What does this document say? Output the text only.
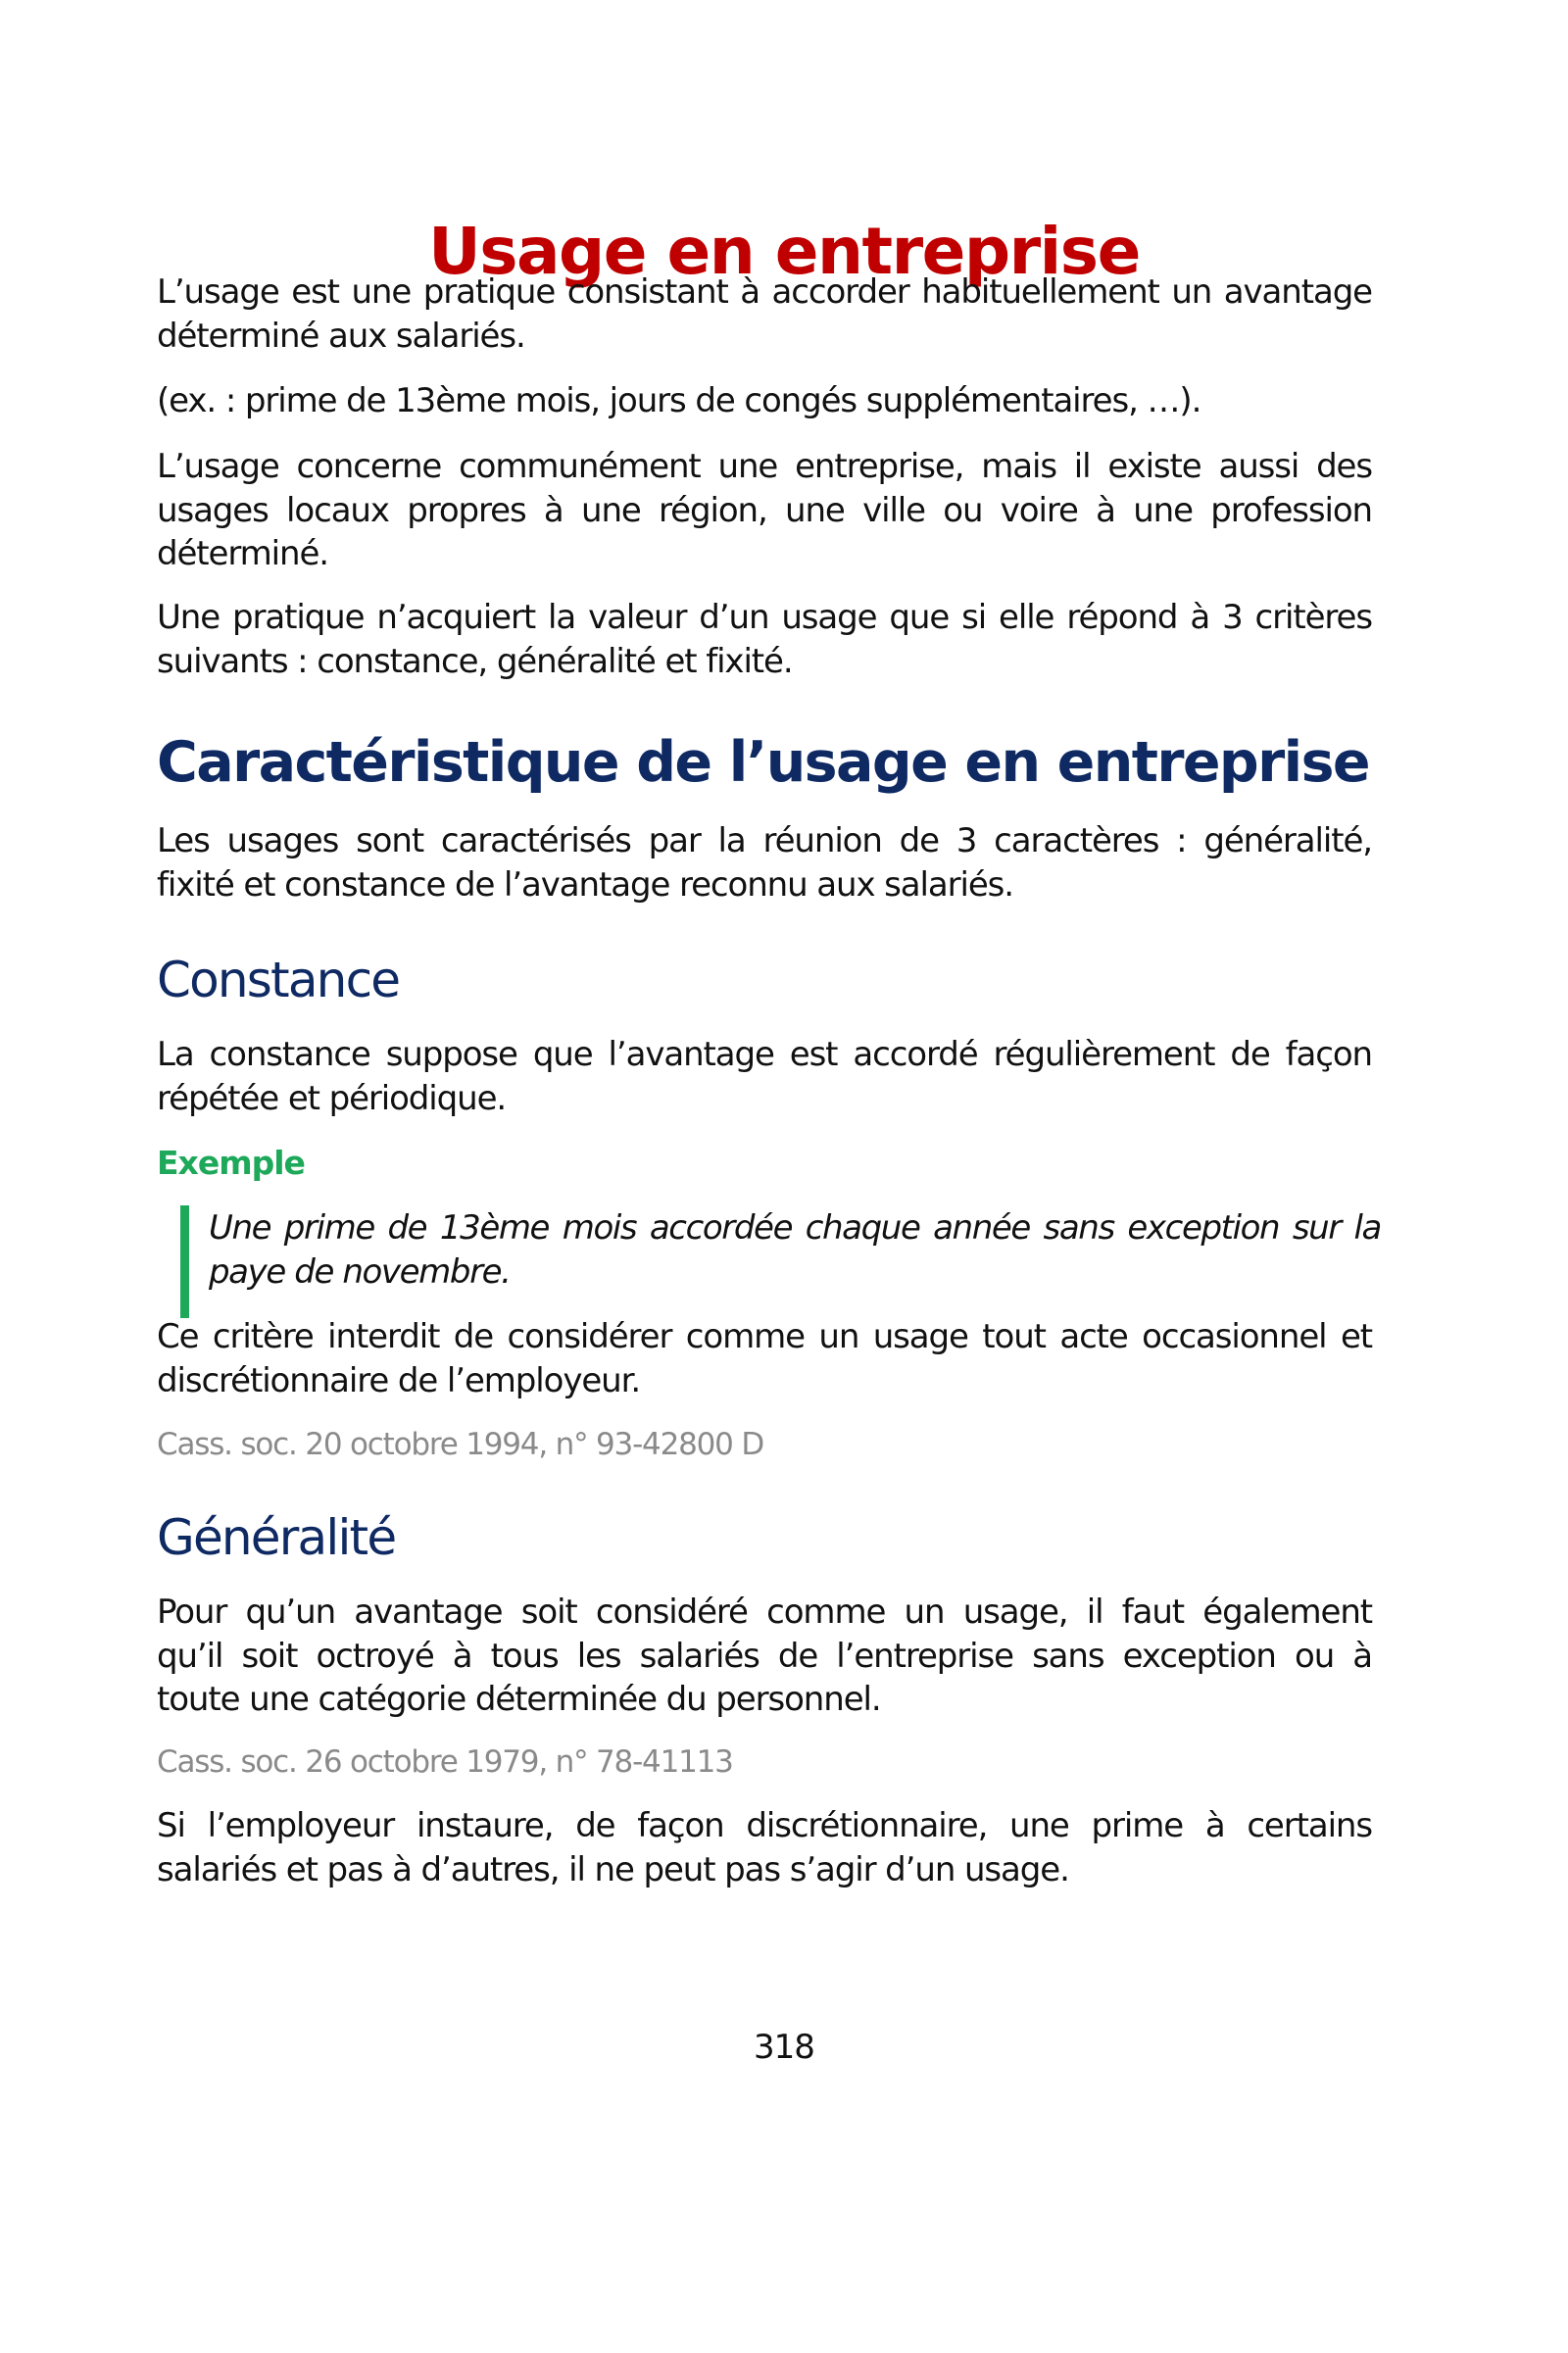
Usage en entreprise
L’usage est une pratique consistant à accorder habituellement un avantage
déterminé aux salariés.
(ex. : prime de 13ème mois, jours de congés supplémentaires, …).
L’usage concerne communément une entreprise, mais il existe aussi des
usages locaux propres à une région, une ville ou voire à une profession
déterminé.
Une pratique n’acquiert la valeur d’un usage que si elle répond à 3 critères
suivants : constance, généralité et fixité.
Caractéristique de l’usage en entreprise
Les usages sont caractérisés par la réunion de 3 caractères : généralité,
fixité et constance de l’avantage reconnu aux salariés.
Constance
La constance suppose que l’avantage est accordé régulièrement de façon
répétée et périodique.
Exemple
Une prime de 13ème mois accordée chaque année sans exception sur la
paye de novembre.
Ce critère interdit de considérer comme un usage tout acte occasionnel et
discrétionnaire de l’employeur.
Cass. soc. 20 octobre 1994, n° 93-42800 D
Généralité
Pour qu’un avantage soit considéré comme un usage, il faut également
qu’il soit octroyé à tous les salariés de l’entreprise sans exception ou à
toute une catégorie déterminée du personnel.
Cass. soc. 26 octobre 1979, n° 78-41113
Si l’employeur instaure, de façon discrétionnaire, une prime à certains
salariés et pas à d’autres, il ne peut pas s’agir d’un usage.
318
